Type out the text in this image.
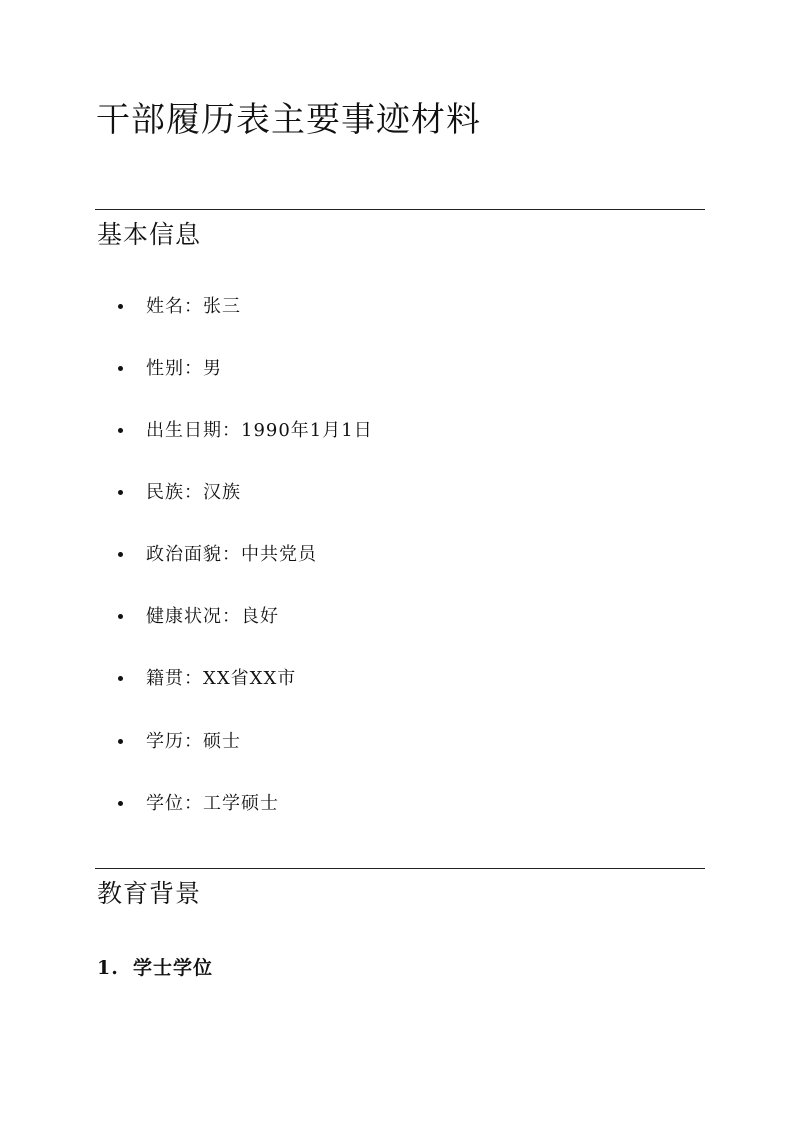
干部履历表主要事迹材料
基本信息
姓名：张三
性别：男
出生日期：1990年1月1日
民族：汉族
政治面貌：中共党员
健康状况：良好
籍贯：XX省XX市
学历：硕士
学位：工学硕士
教育背景
1. 学士学位
